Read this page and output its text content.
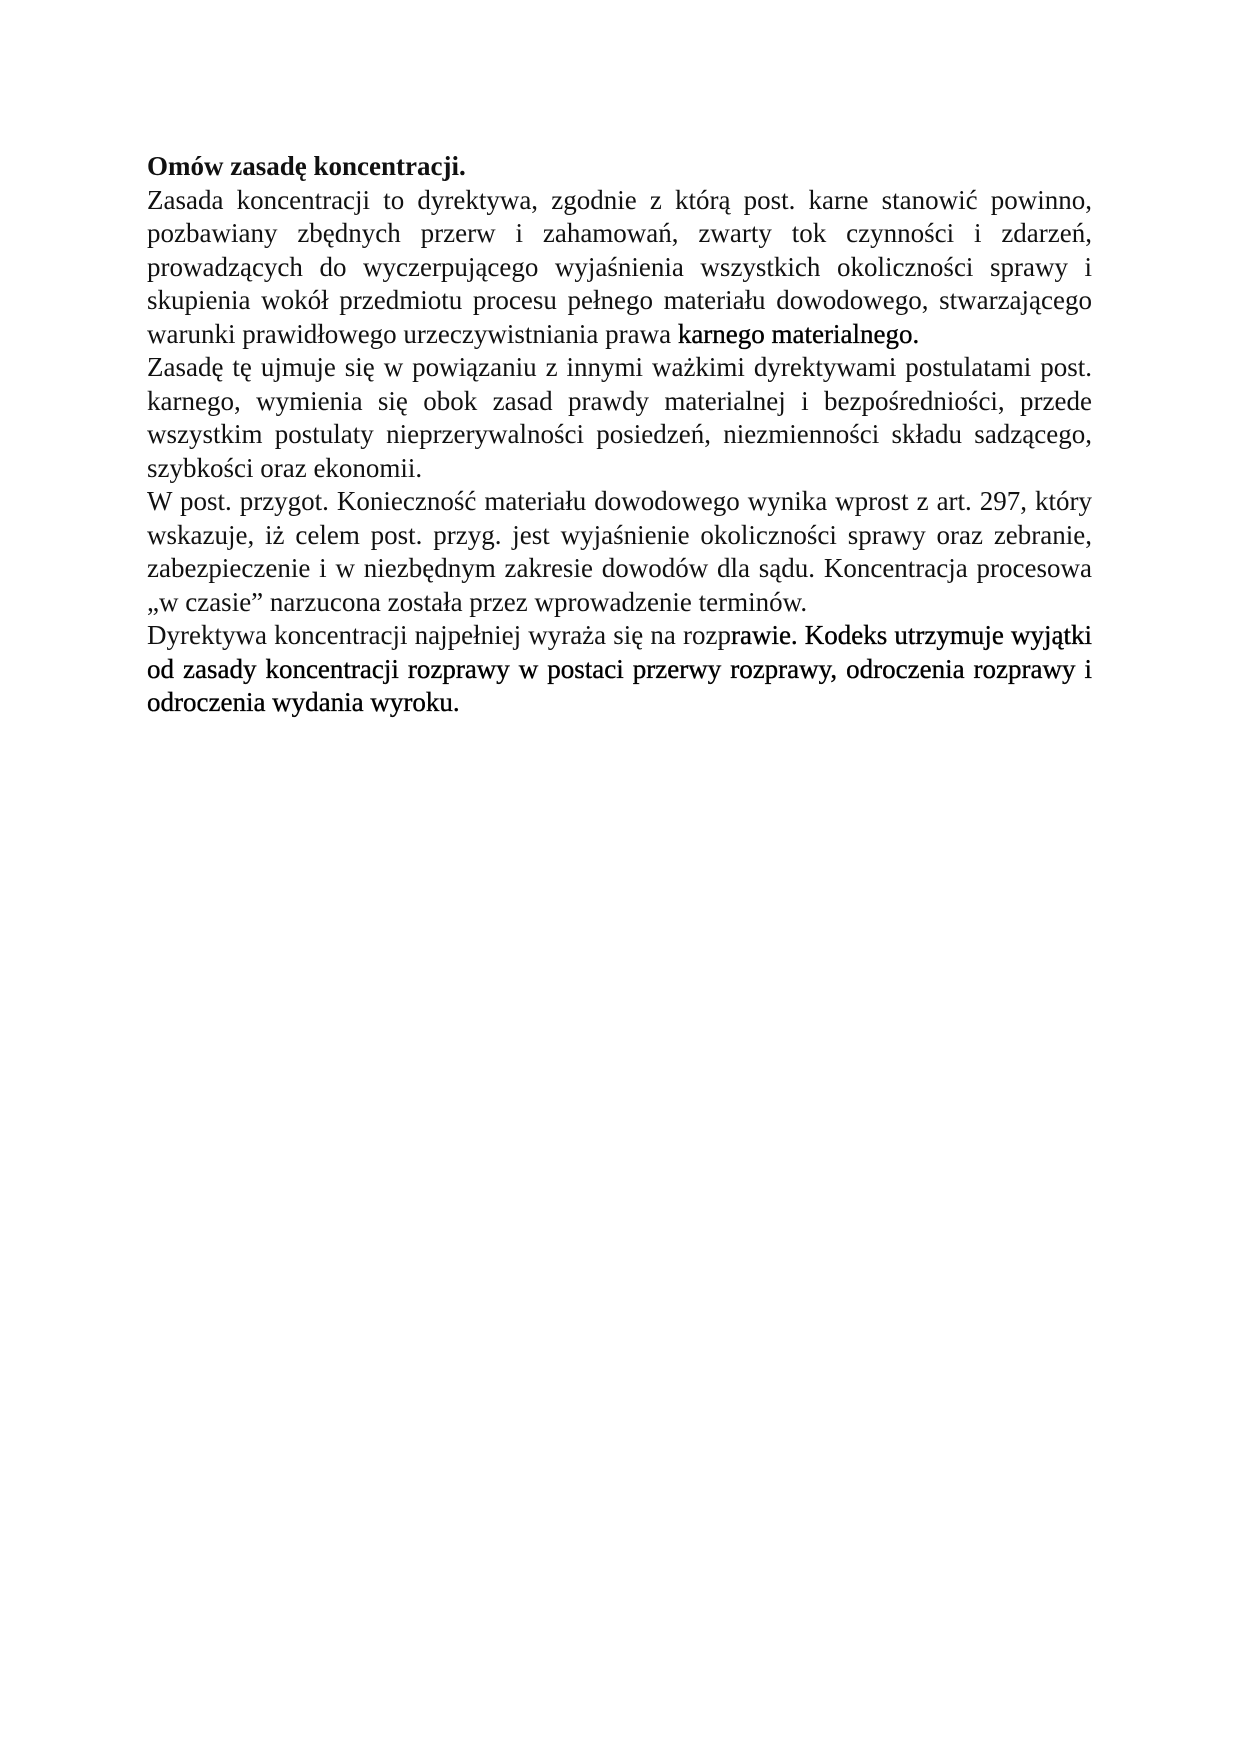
Omów zasadę koncentracji.

Zasada koncentracji to dyrektywa, zgodnie z którą post. karne stanowić powinno, pozbawiany zbędnych przerw i zahamowań, zwarty tok czynności i zdarzeń, prowadzących do wyczerpującego wyjaśnienia wszystkich okoliczności sprawy i skupienia wokół przedmiotu procesu pełnego materiału dowodowego, stwarzającego warunki prawidłowego urzeczywistniania prawa karnego materialnego.

Zasadę tę ujmuje się w powiązaniu z innymi ważkimi dyrektywami postulatami post. karnego, wymienia się obok zasad prawdy materialnej i bezpośredniości, przede wszystkim postulaty nieprzerywalności posiedzeń, niezmienności składu sadzącego, szybkości oraz ekonomii.

W post. przygot. Konieczność materiału dowodowego wynika wprost z art. 297, który wskazuje, iż celem post. przyg. jest wyjaśnienie okoliczności sprawy oraz zebranie, zabezpieczenie i w niezbędnym zakresie dowodów dla sądu. Koncentracja procesowa „w czasie” narzucona została przez wprowadzenie terminów.

Dyrektywa koncentracji najpełniej wyraża się na rozprawie. Kodeks utrzymuje wyjątki od zasady koncentracji rozprawy w postaci przerwy rozprawy, odroczenia rozprawy i odroczenia wydania wyroku.
